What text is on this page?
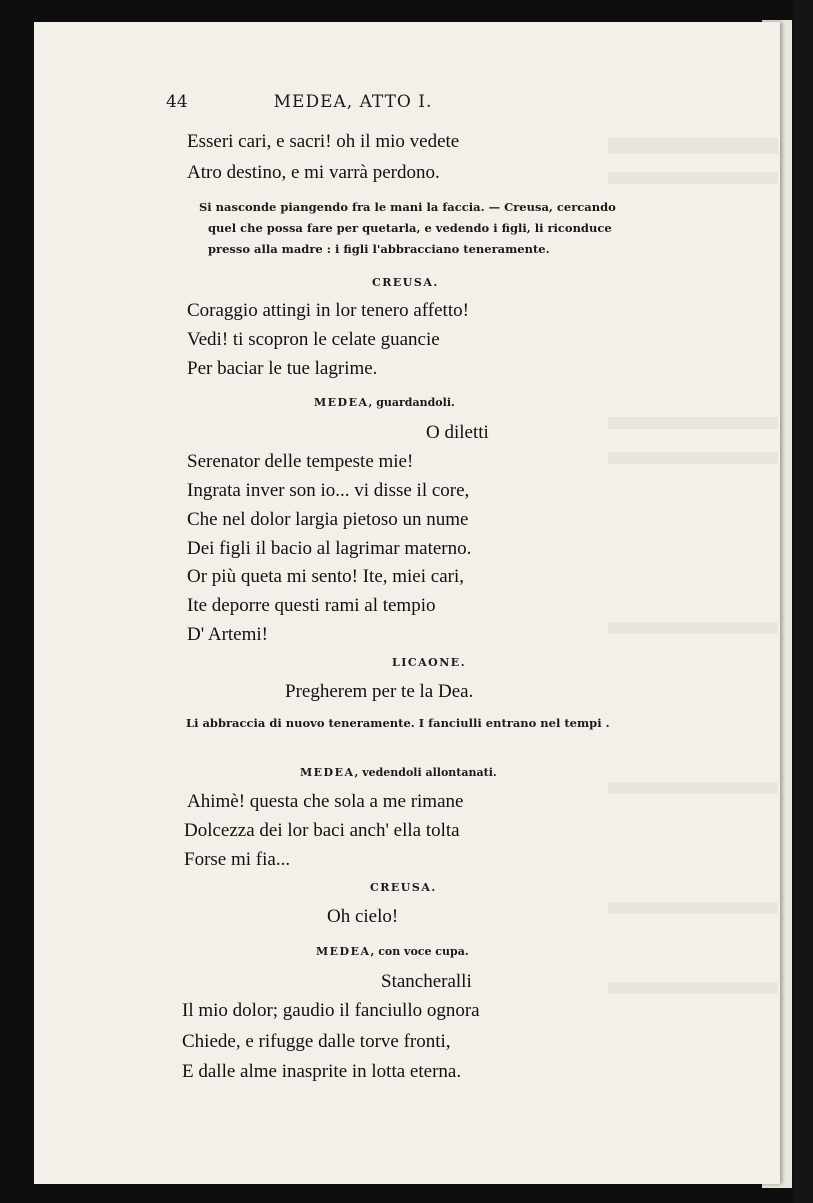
44	MEDEA, ATTO I.
Esseri cari, e sacri! oh il mio vedete
Atro destino, e mi varrà perdono.
Si nasconde piangendo fra le mani la faccia. — Creusa, cercando
quel che possa fare per quetarla, e vedendo i figli, li riconduce
presso alla madre : i figli l'abbracciano teneramente.
CREUSA.
Coraggio attingi in lor tenero affetto!
Vedi! ti scopron le celate guancie
Per baciar le tue lagrime.
MEDEA, guardandoli.
O diletti
Serenator delle tempeste mie!
Ingrata inver son io... vi disse il core,
Che nel dolor largia pietoso un nume
Dei figli il bacio al lagrimar materno.
Or più queta mi sento! Ite, miei cari,
Ite deporre questi rami al tempio
D' Artemi!
LICAONE.
Pregherem per te la Dea.
Li abbraccia di nuovo teneramente. I fanciulli entrano nel tempi .
MEDEA, vedendoli allontanati.
Ahimè! questa che sola a me rimane
Dolcezza dei lor baci anch' ella tolta
Forse mi fia...
CREUSA.
Oh cielo!
MEDEA, con voce cupa.
Stancheralli
Il mio dolor; gaudio il fanciullo ognora
Chiede, e rifugge dalle torve fronti,
E dalle alme inasprite in lotta eterna.
